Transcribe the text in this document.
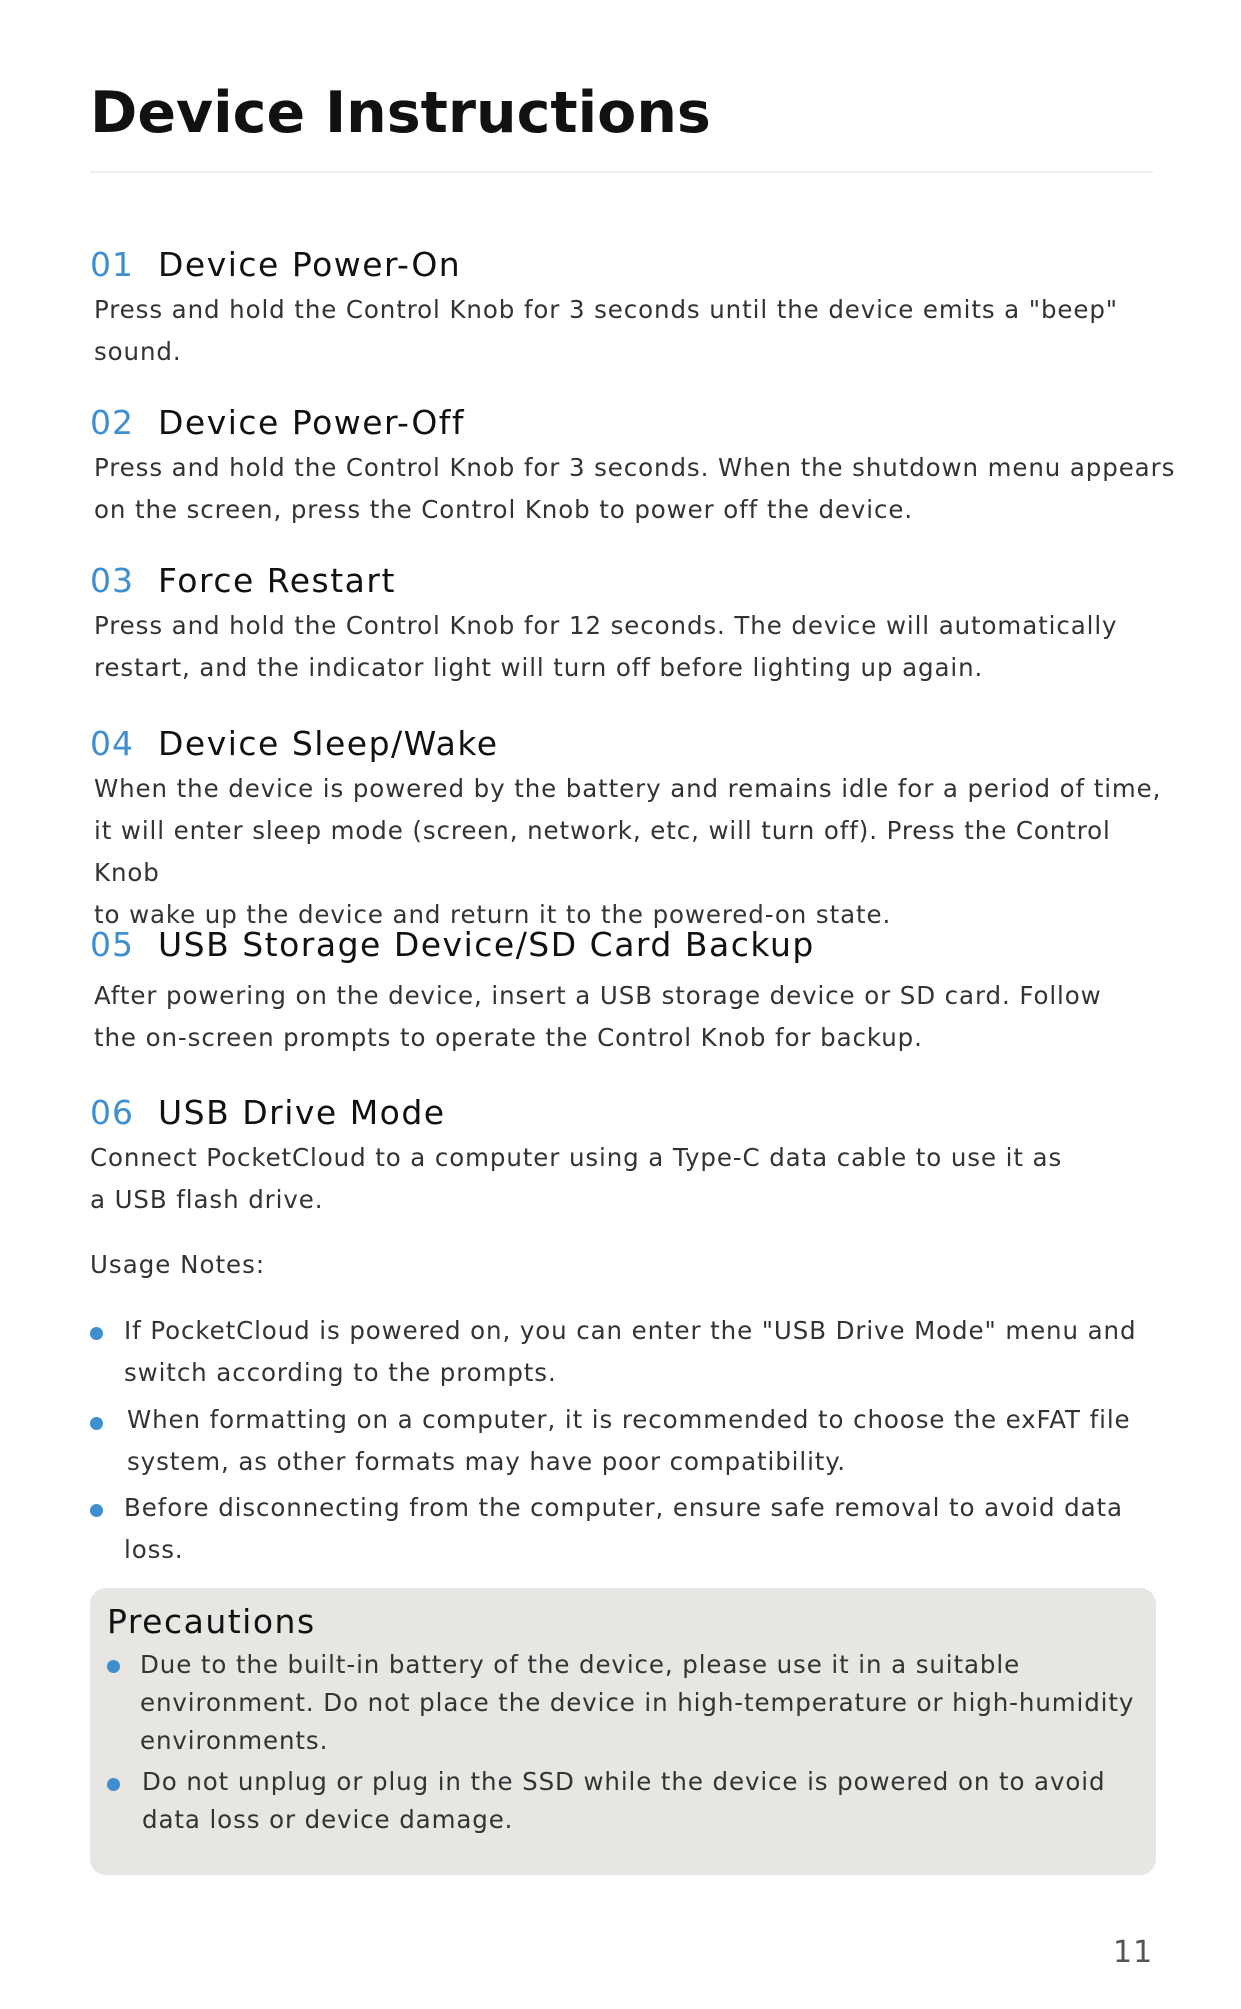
Device Instructions
01 Device Power-On

Press and hold the Control Knob for 3 seconds until the device emits a "beep"
sound.

02 Device Power-Off

Press and hold the Control Knob for 3 seconds. When the shutdown menu appears
on the screen, press the Control Knob to power off the device.

03 Force Restart

Press and hold the Control Knob for 12 seconds. The device will automatically
restart, and the indicator light will turn off before lighting up again.

04 Device Sleep/Wake

When the device is powered by the battery and remains idle for a period of time,
it will enter sleep mode (screen, network, etc, will turn off). Press the Control Knob
to wake up the device and return it to the powered-on state.

05 USB Storage Device/SD Card Backup

After powering on the device, insert a USB storage device or SD card. Follow
the on-screen prompts to operate the Control Knob for backup.

06 USB Drive Mode

Connect PocketCloud to a computer using a Type-C data cable to use it as
a USB flash drive.

Usage Notes:
If PocketCloud is powered on, you can enter the "USB Drive Mode" menu and
switch according to the prompts.
When formatting on a computer, it is recommended to choose the exFAT file
system, as other formats may have poor compatibility.
Before disconnecting from the computer, ensure safe removal to avoid data
loss.
Precautions
Due to the built-in battery of the device, please use it in a suitable
environment. Do not place the device in high-temperature or high-humidity
environments.
Do not unplug or plug in the SSD while the device is powered on to avoid
data loss or device damage.
11
